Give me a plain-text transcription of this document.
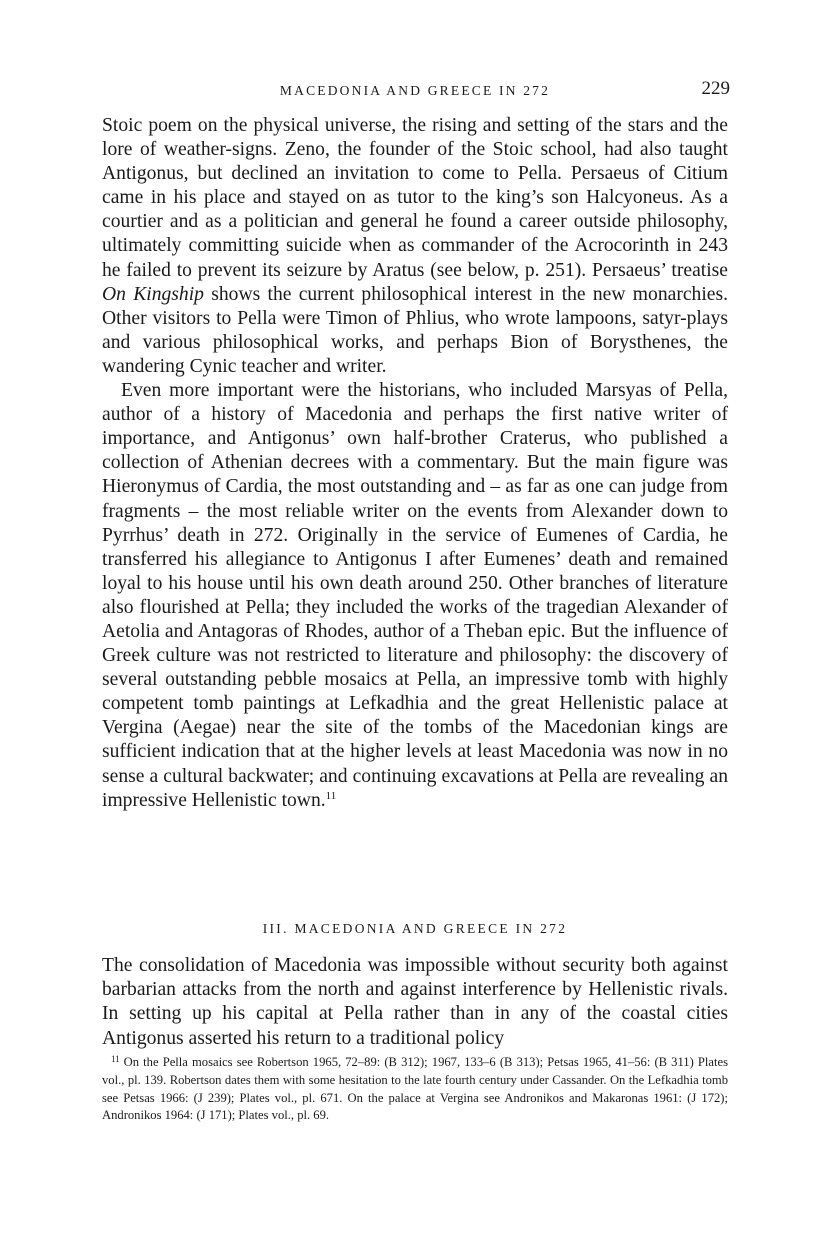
MACEDONIA AND GREECE IN 272	229

Stoic poem on the physical universe, the rising and setting of the stars and the lore of weather-signs. Zeno, the founder of the Stoic school, had also taught Antigonus, but declined an invitation to come to Pella. Persaeus of Citium came in his place and stayed on as tutor to the king’s son Halcyoneus. As a courtier and as a politician and general he found a career outside philosophy, ultimately committing suicide when as commander of the Acrocorinth in 243 he failed to prevent its seizure by Aratus (see below, p. 251). Persaeus’ treatise On Kingship shows the current philosophical interest in the new monarchies. Other visitors to Pella were Timon of Phlius, who wrote lampoons, satyr-plays and various philosophical works, and perhaps Bion of Borysthenes, the wandering Cynic teacher and writer.

Even more important were the historians, who included Marsyas of Pella, author of a history of Macedonia and perhaps the first native writer of importance, and Antigonus’ own half-brother Craterus, who published a collection of Athenian decrees with a commentary. But the main figure was Hieronymus of Cardia, the most outstanding and – as far as one can judge from fragments – the most reliable writer on the events from Alexander down to Pyrrhus’ death in 272. Originally in the service of Eumenes of Cardia, he transferred his allegiance to Antigonus I after Eumenes’ death and remained loyal to his house until his own death around 250. Other branches of literature also flourished at Pella; they included the works of the tragedian Alexander of Aetolia and Antagoras of Rhodes, author of a Theban epic. But the influence of Greek culture was not restricted to literature and philosophy: the discovery of several outstanding pebble mosaics at Pella, an impressive tomb with highly competent tomb paintings at Lefkadhia and the great Hellenistic palace at Vergina (Aegae) near the site of the tombs of the Macedonian kings are sufficient indication that at the higher levels at least Macedonia was now in no sense a cultural backwater; and continuing excavations at Pella are revealing an impressive Hellenistic town.$^{11}$

III. MACEDONIA AND GREECE IN 272

The consolidation of Macedonia was impossible without security both against barbarian attacks from the north and against interference by Hellenistic rivals. In setting up his capital at Pella rather than in any of the coastal cities Antigonus asserted his return to a traditional policy

$^{11}$ On the Pella mosaics see Robertson 1965, 72–89: (B 312); 1967, 133–6 (B 313); Petsas 1965, 41–56: (B 311) Plates vol., pl. 139. Robertson dates them with some hesitation to the late fourth century under Cassander. On the Lefkadhia tomb see Petsas 1966: (J 239); Plates vol., pl. 671. On the palace at Vergina see Andronikos and Makaronas 1961: (J 172); Andronikos 1964: (J 171); Plates vol., pl. 69.
